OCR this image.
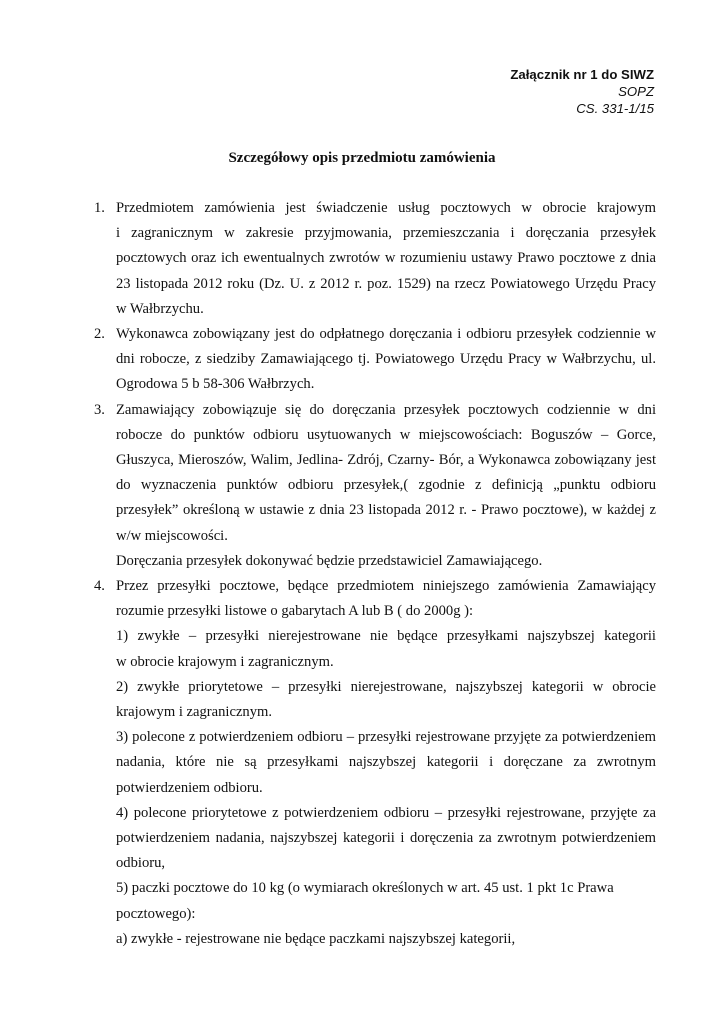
Załącznik nr 1 do SIWZ
SOPZ
CS. 331-1/15
Szczegółowy opis przedmiotu zamówienia
1. Przedmiotem zamówienia jest świadczenie usług pocztowych w obrocie krajowym
i zagranicznym w zakresie przyjmowania, przemieszczania i doręczania przesyłek
pocztowych oraz ich ewentualnych zwrotów w rozumieniu ustawy Prawo pocztowe z dnia
23 listopada 2012 roku (Dz. U. z 2012 r. poz. 1529) na rzecz Powiatowego Urzędu Pracy
w Wałbrzychu.
2. Wykonawca zobowiązany jest do odpłatnego doręczania i odbioru przesyłek codziennie w
dni robocze, z siedziby Zamawiającego tj. Powiatowego Urzędu Pracy w Wałbrzychu, ul.
Ogrodowa 5 b 58-306 Wałbrzych.
3. Zamawiający zobowiązuje się do doręczania przesyłek pocztowych codziennie w dni
robocze do punktów odbioru usytuowanych w miejscowościach: Boguszów – Gorce,
Głuszyca, Mieroszów, Walim, Jedlina- Zdrój, Czarny- Bór, a Wykonawca zobowiązany jest
do wyznaczenia punktów odbioru przesyłek,( zgodnie z definicją „punktu odbioru
przesyłek” określoną w ustawie z dnia 23 listopada 2012 r. - Prawo pocztowe), w każdej z
w/w miejscowości.
Doręczania przesyłek dokonywać będzie przedstawiciel Zamawiającego.
4. Przez przesyłki pocztowe, będące przedmiotem niniejszego zamówienia Zamawiający
rozumie przesyłki listowe o gabarytach A lub B ( do 2000g ):
1) zwykłe – przesyłki nierejestrowane nie będące przesyłkami najszybszej kategorii
w obrocie krajowym i zagranicznym.
2) zwykłe priorytetowe – przesyłki nierejestrowane, najszybszej kategorii w obrocie
krajowym i zagranicznym.
3) polecone z potwierdzeniem odbioru – przesyłki rejestrowane przyjęte za potwierdzeniem
nadania, które nie są przesyłkami najszybszej kategorii i doręczane za zwrotnym
potwierdzeniem odbioru.
4) polecone priorytetowe z potwierdzeniem odbioru – przesyłki rejestrowane, przyjęte za
potwierdzeniem nadania, najszybszej kategorii i doręczenia za zwrotnym potwierdzeniem
odbioru,
5) paczki pocztowe do 10 kg (o wymiarach określonych w art. 45 ust. 1 pkt 1c Prawa
pocztowego):
a) zwykłe - rejestrowane nie będące paczkami najszybszej kategorii,
